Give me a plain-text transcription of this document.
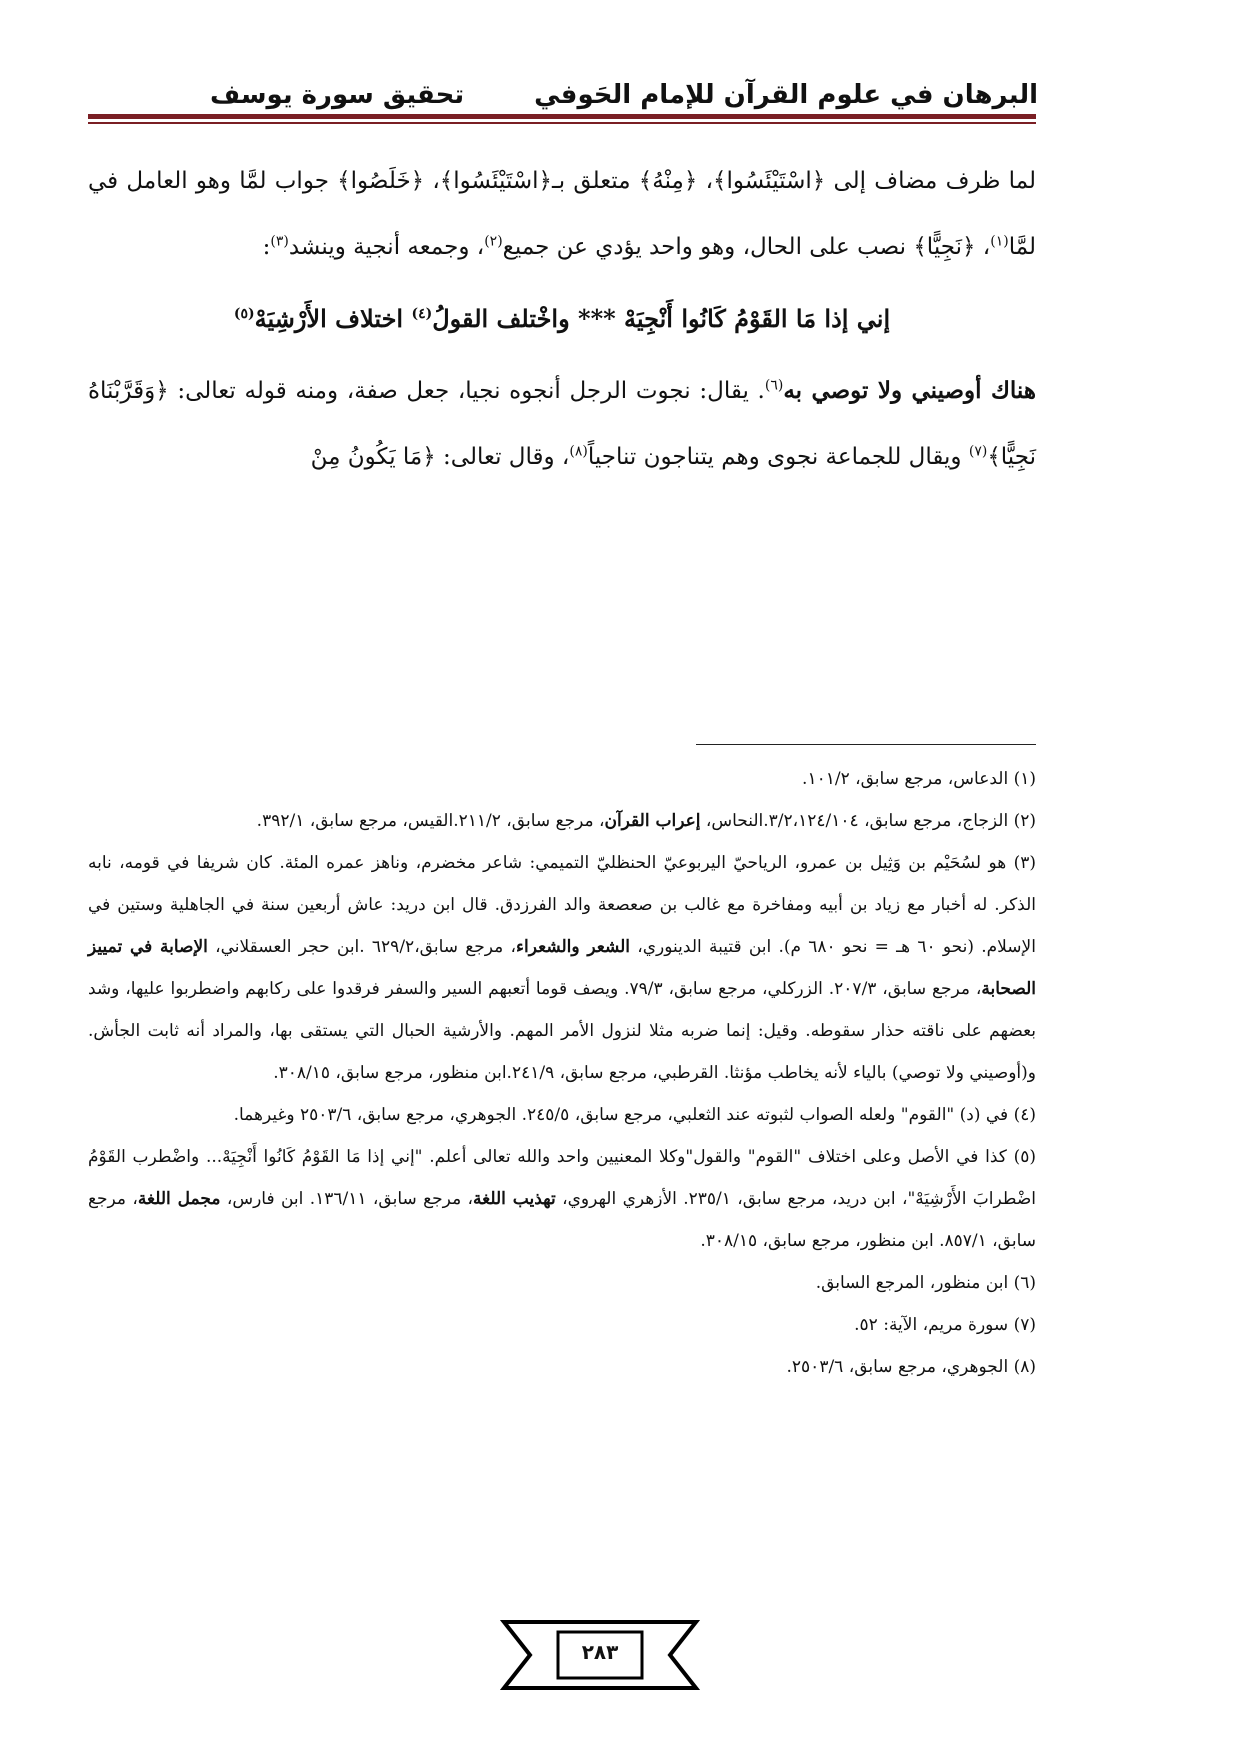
البرهان في علوم القرآن للإمام الحَوفي
تحقيق سورة يوسف

لما ظرف مضاف إلى ﴿اسْتَيْئَسُوا﴾، ﴿مِنْهُ﴾ متعلق بـ﴿اسْتَيْئَسُوا﴾، ﴿خَلَصُوا﴾ جواب لمَّا وهو العامل في لمَّا$^{(١)}$، ﴿نَجِيًّا﴾ نصب على الحال، وهو واحد يؤدي عن جميع$^{(٢)}$، وجمعه أنجية وينشد$^{(٣)}$:

إني إذا مَا القَوْمُ كَانُوا أَنْجِيَهْ *** واخْتلف القولُ$^{(٤)}$ اختلاف الأَرْشِيَهْ$^{(٥)}$

هناك أوصيني ولا توصي به$^{(٦)}$. يقال: نجوت الرجل أنجوه نجيا، جعل صفة، ومنه قوله تعالى: ﴿وَقَرَّبْنَاهُ نَجِيًّا﴾$^{(٧)}$ ويقال للجماعة نجوى وهم يتناجون تناجياً$^{(٨)}$، وقال تعالى: ﴿مَا يَكُونُ مِنْ

(١) الدعاس، مرجع سابق، ١٠١/٢.

(٢) الزجاج، مرجع سابق، ٣/٢،١٢٤/١٠٤.النحاس، إعراب القرآن، مرجع سابق، ٢١١/٢.القيس، مرجع سابق، ٣٩٢/١.

(٣) هو لسُحَيْم بن وَثِيل بن عمرو، الرياحيّ اليربوعيّ الحنظليّ التميمي: شاعر مخضرم، وناهز عمره المئة. كان شريفا في قومه، نابه الذكر. له أخبار مع زياد بن أبيه ومفاخرة مع غالب بن صعصعة والد الفرزدق. قال ابن دريد: عاش أربعين سنة في الجاهلية وستين في الإسلام. (نحو ٦٠ هـ = نحو ٦٨٠ م). ابن قتيبة الدينوري، الشعر والشعراء، مرجع سابق،٦٢٩/٢ .ابن حجر العسقلاني، الإصابة في تمييز الصحابة، مرجع سابق، ٢٠٧/٣. الزركلي، مرجع سابق، ٧٩/٣. ويصف قوما أتعبهم السير والسفر فرقدوا على ركابهم واضطربوا عليها، وشد بعضهم على ناقته حذار سقوطه. وقيل: إنما ضربه مثلا لنزول الأمر المهم. والأرشية الحبال التي يستقى بها، والمراد أنه ثابت الجأش. و(أوصيني ولا توصي) بالياء لأنه يخاطب مؤنثا. القرطبي، مرجع سابق، ٢٤١/٩.ابن منظور، مرجع سابق، ٣٠٨/١٥.

(٤) في (د) "القوم" ولعله الصواب لثبوته عند الثعلبي، مرجع سابق، ٢٤٥/٥. الجوهري، مرجع سابق، ٢٥٠٣/٦ وغيرهما.

(٥) كذا في الأصل وعلى اختلاف "القوم" والقول"وكلا المعنيين واحد والله تعالى أعلم. "إني إذا مَا القَوْمُ كَانُوا أَنْجِيَهْ... واضْطرب القَوْمُ اضْطرابَ الأَرْشِيَهْ"، ابن دريد، مرجع سابق، ٢٣٥/١. الأزهري الهروي، تهذيب اللغة، مرجع سابق، ١٣٦/١١. ابن فارس، مجمل اللغة، مرجع سابق، ٨٥٧/١. ابن منظور، مرجع سابق، ٣٠٨/١٥.

(٦) ابن منظور، المرجع السابق.

(٧) سورة مريم، الآية: ٥٢.

(٨) الجوهري، مرجع سابق، ٢٥٠٣/٦.

٢٨٣
